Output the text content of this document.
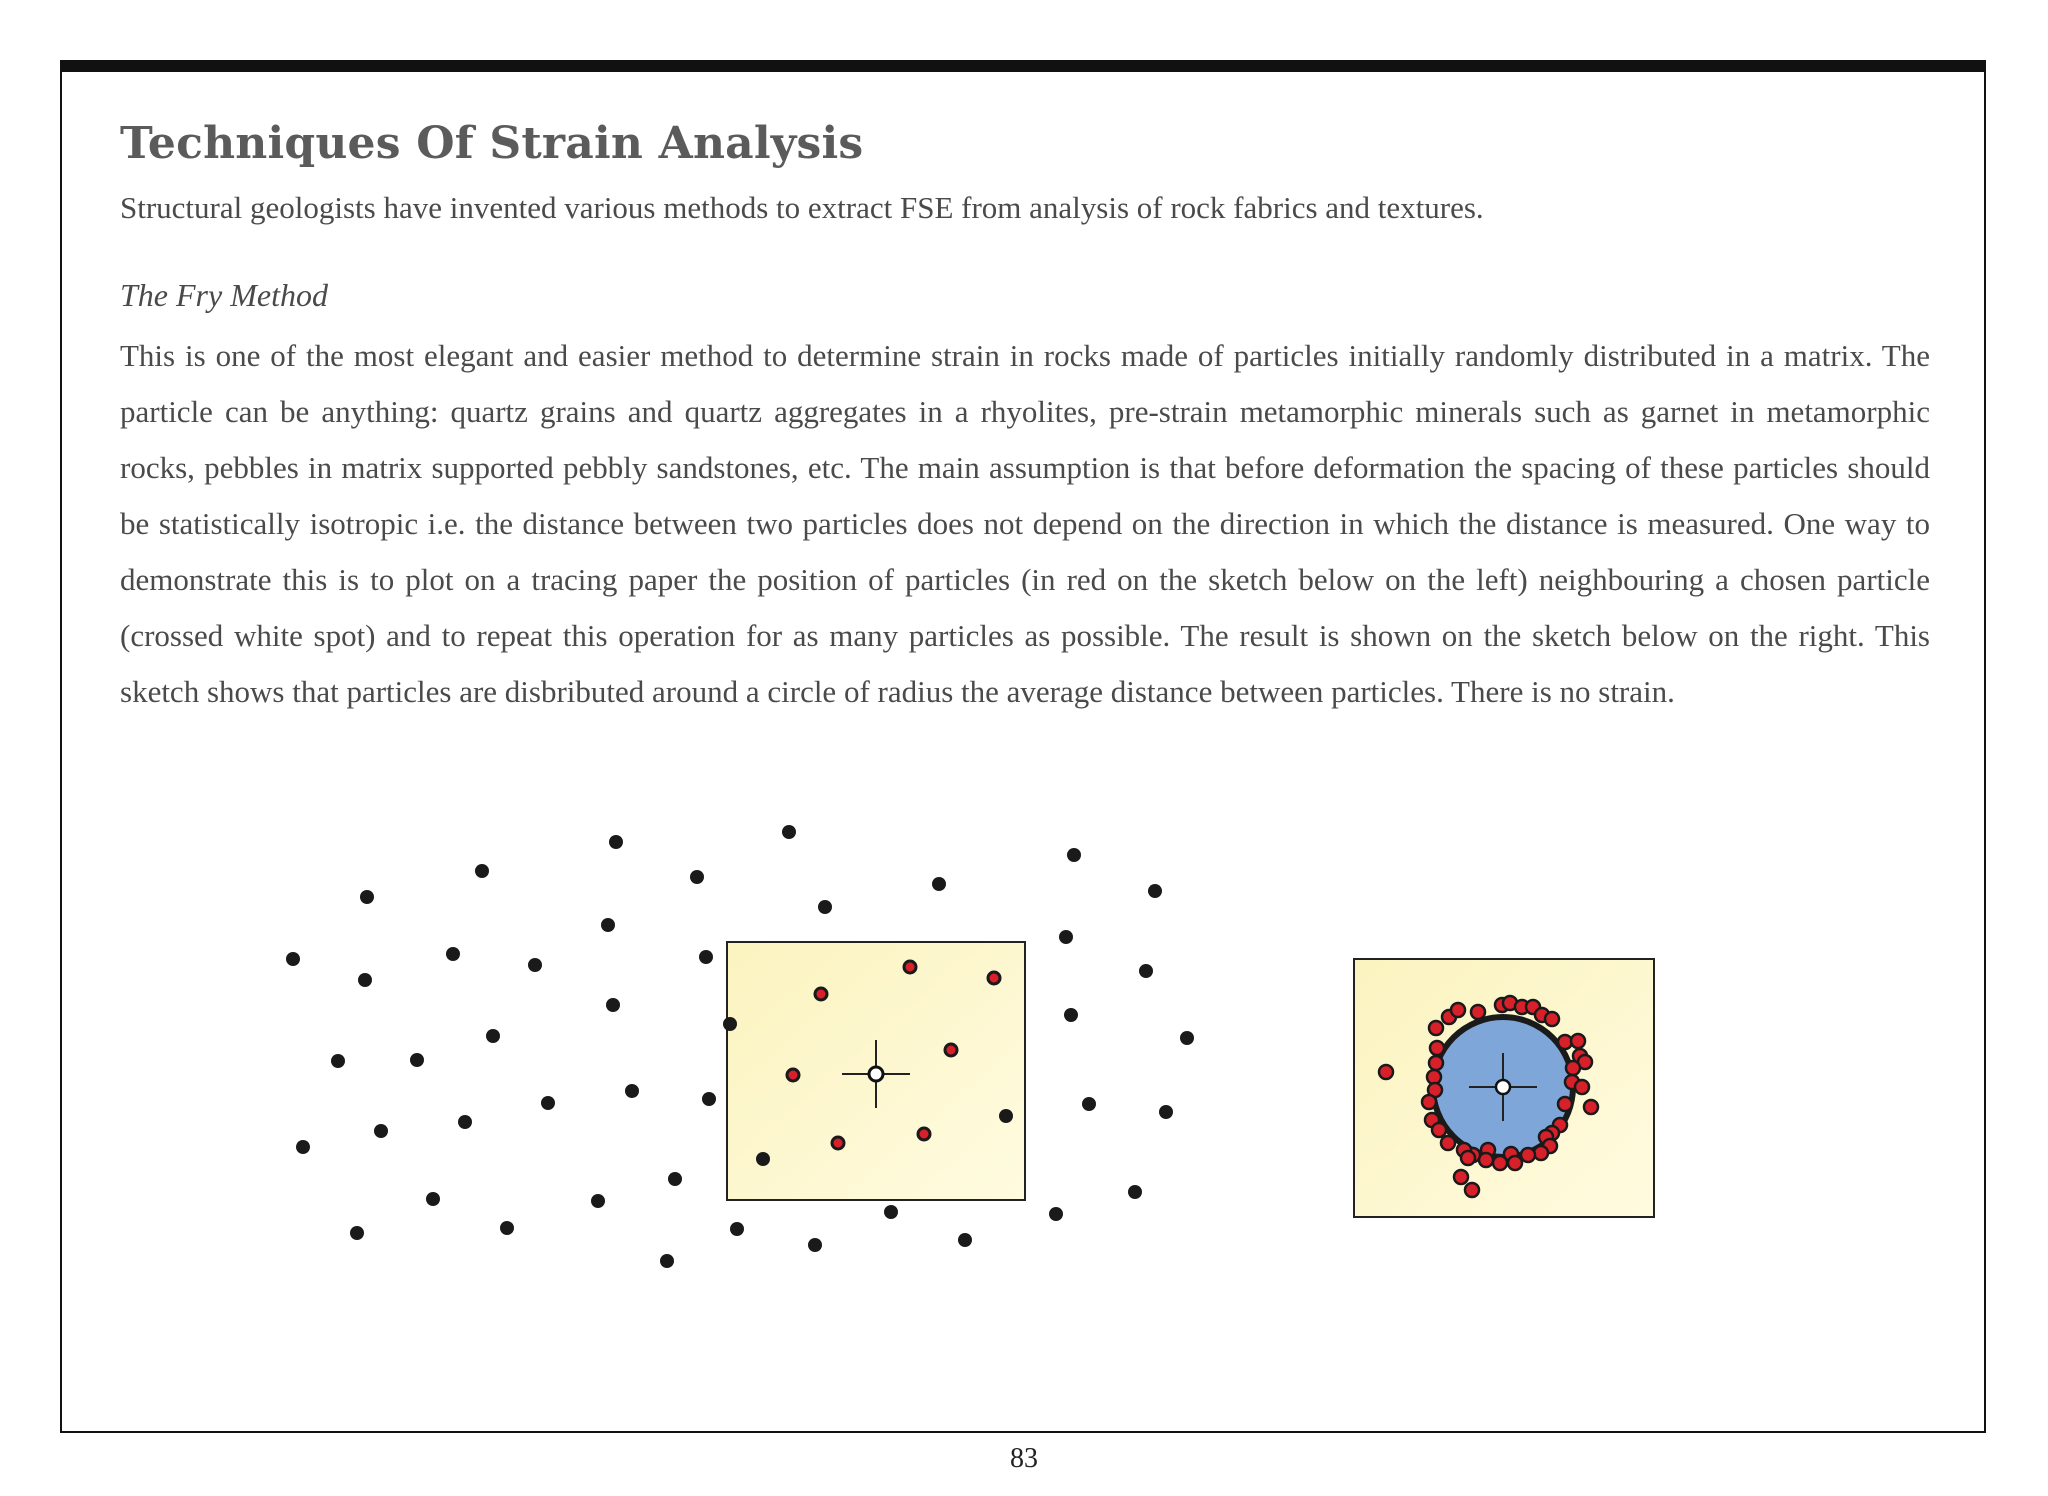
Techniques Of Strain Analysis

Structural geologists have invented various methods to extract FSE from analysis of rock fabrics and textures.

The Fry Method

This is one of the most elegant and easier method to determine strain in rocks made of particles initially randomly distributed in a matrix. The particle can be anything: quartz grains and quartz aggregates in a rhyolites, pre-strain metamorphic minerals such as garnet in metamorphic rocks, pebbles in matrix supported pebbly sandstones, etc. The main assumption is that before deformation the spacing of these particles should be statistically isotropic i.e. the distance between two particles does not depend on the direction in which the distance is measured. One way to demonstrate this is to plot on a tracing paper the position of particles (in red on the sketch below on the left) neighbouring a chosen particle (crossed white spot) and to repeat this operation for as many particles as possible. The result is shown on the sketch below on the right. This sketch shows that particles are disbributed around a circle of radius the average distance between particles. There is no strain.

83
